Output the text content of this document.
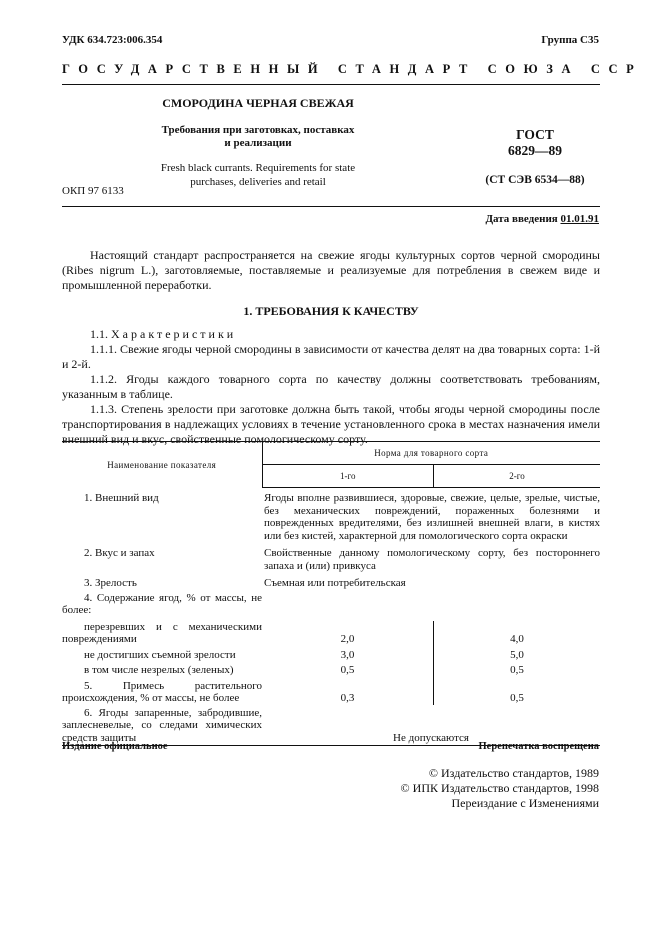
УДК 634.723:006.354	Группа С35
ГОСУДАРСТВЕННЫЙ СТАНДАРТ СОЮЗА ССР
СМОРОДИНА ЧЕРНАЯ СВЕЖАЯ
Требования при заготовках, поставках
и реализации
Fresh black currants. Requirements for state
purchases, deliveries and retail
ОКП 97 6133
ГОСТ
6829—89
(СТ СЭВ 6534—88)
Дата введения 01.01.91

Настоящий стандарт распространяется на свежие ягоды культурных сортов черной смородины (Ribes nigrum L.), заготовляемые, поставляемые и реализуемые для потребления в свежем виде и промышленной переработки.

1. ТРЕБОВАНИЯ К КАЧЕСТВУ

1.1. Характеристики

1.1.1. Свежие ягоды черной смородины в зависимости от качества делят на два товарных сорта: 1-й и 2-й.

1.1.2. Ягоды каждого товарного сорта по качеству должны соответствовать требованиям, указанным в таблице.

1.1.3. Степень зрелости при заготовке должна быть такой, чтобы ягоды черной смородины после транспортирования в надлежащих условиях в течение установленного срока в местах назначения имели внешний вид и вкус, свойственные помологическому сорту.

Наименование показателя	Норма для товарного сорта	
	1-го	2-го
1. Внешний вид	Ягоды вполне развившиеся, здоровые, свежие, целые, зрелые, чистые, без механических повреждений, пораженных болезнями и поврежденных вредителями, без излишней внешней влаги, в кистях или без кистей, характерной для помологического сорта окраски	
2. Вкус и запах	Свойственные данному помологическому сорту, без постороннего запаха и (или) привкуса	
3. Зрелость	Съемная или потребительская	
4. Содержание ягод, % от массы, не более:		
перезревших и с механическими повреждениями	2,0	4,0
не достигших съемной зрелости	3,0	5,0
в том числе незрелых (зеленых)	0,5	0,5
5. Примесь растительного происхождения, % от массы, не более	0,3	0,5
6. Ягоды запаренные, забродившие, заплесневелые, со следами химических средств защиты	Не допускаются	
Издание официальное	Перепечатка воспрещена
© Издательство стандартов, 1989
© ИПК Издательство стандартов, 1998
Переиздание с Изменениями
